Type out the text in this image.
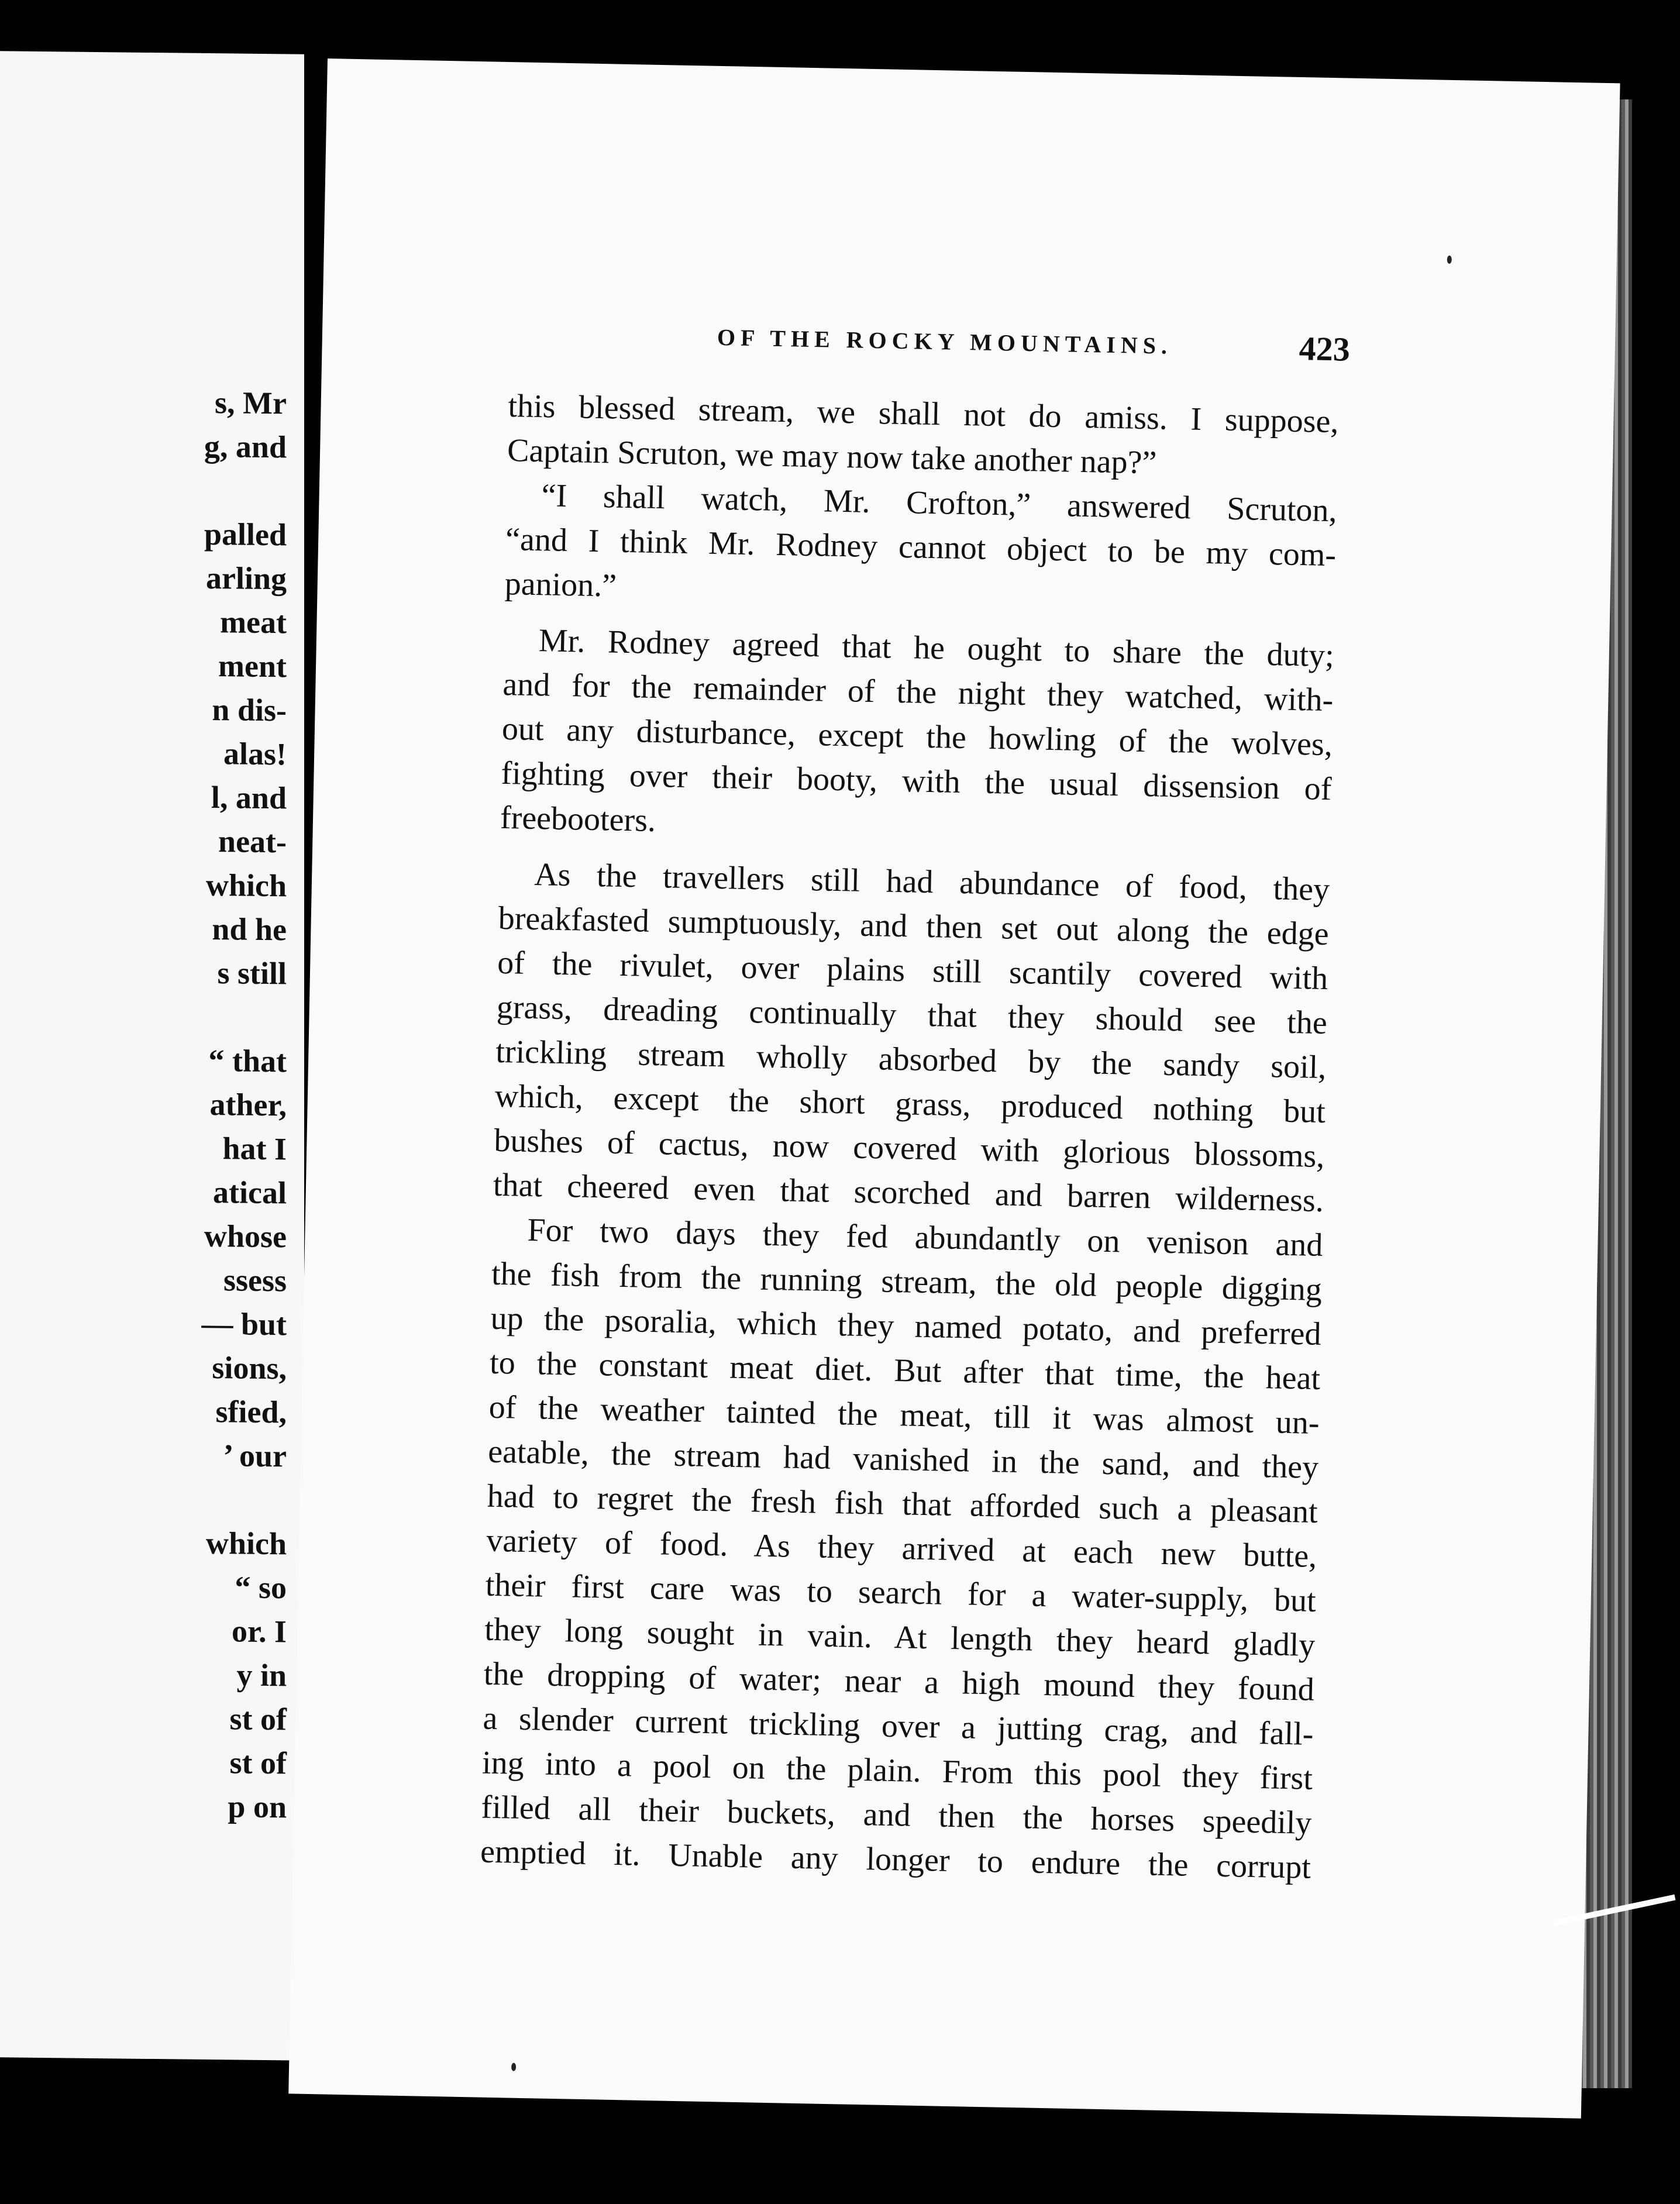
s, Mr
g, and
palled
arling
meat
ment
n dis-
alas!
l, and
neat-
which
nd he
s still
“ that
ather,
hat I
atical
whose
ssess
— but
sions,
sfied,
’ our
which
“ so
or. I
y in
st of
st of
p on
OF THE ROCKY MOUNTAINS.	423
this blessed stream, we shall not do amiss. I suppose,
Captain Scruton, we may now take another nap?”
“I shall watch, Mr. Crofton,” answered Scruton,
“and I think Mr. Rodney cannot object to be my com-
panion.”
Mr. Rodney agreed that he ought to share the duty;
and for the remainder of the night they watched, with-
out any disturbance, except the howling of the wolves,
fighting over their booty, with the usual dissension of
freebooters.
As the travellers still had abundance of food, they
breakfasted sumptuously, and then set out along the edge
of the rivulet, over plains still scantily covered with
grass, dreading continually that they should see the
trickling stream wholly absorbed by the sandy soil,
which, except the short grass, produced nothing but
bushes of cactus, now covered with glorious blossoms,
that cheered even that scorched and barren wilderness.
For two days they fed abundantly on venison and
the fish from the running stream, the old people digging
up the psoralia, which they named potato, and preferred
to the constant meat diet. But after that time, the heat
of the weather tainted the meat, till it was almost un-
eatable, the stream had vanished in the sand, and they
had to regret the fresh fish that afforded such a pleasant
variety of food. As they arrived at each new butte,
their first care was to search for a water-supply, but
they long sought in vain. At length they heard gladly
the dropping of water; near a high mound they found
a slender current trickling over a jutting crag, and fall-
ing into a pool on the plain. From this pool they first
filled all their buckets, and then the horses speedily
emptied it. Unable any longer to endure the corrupt
